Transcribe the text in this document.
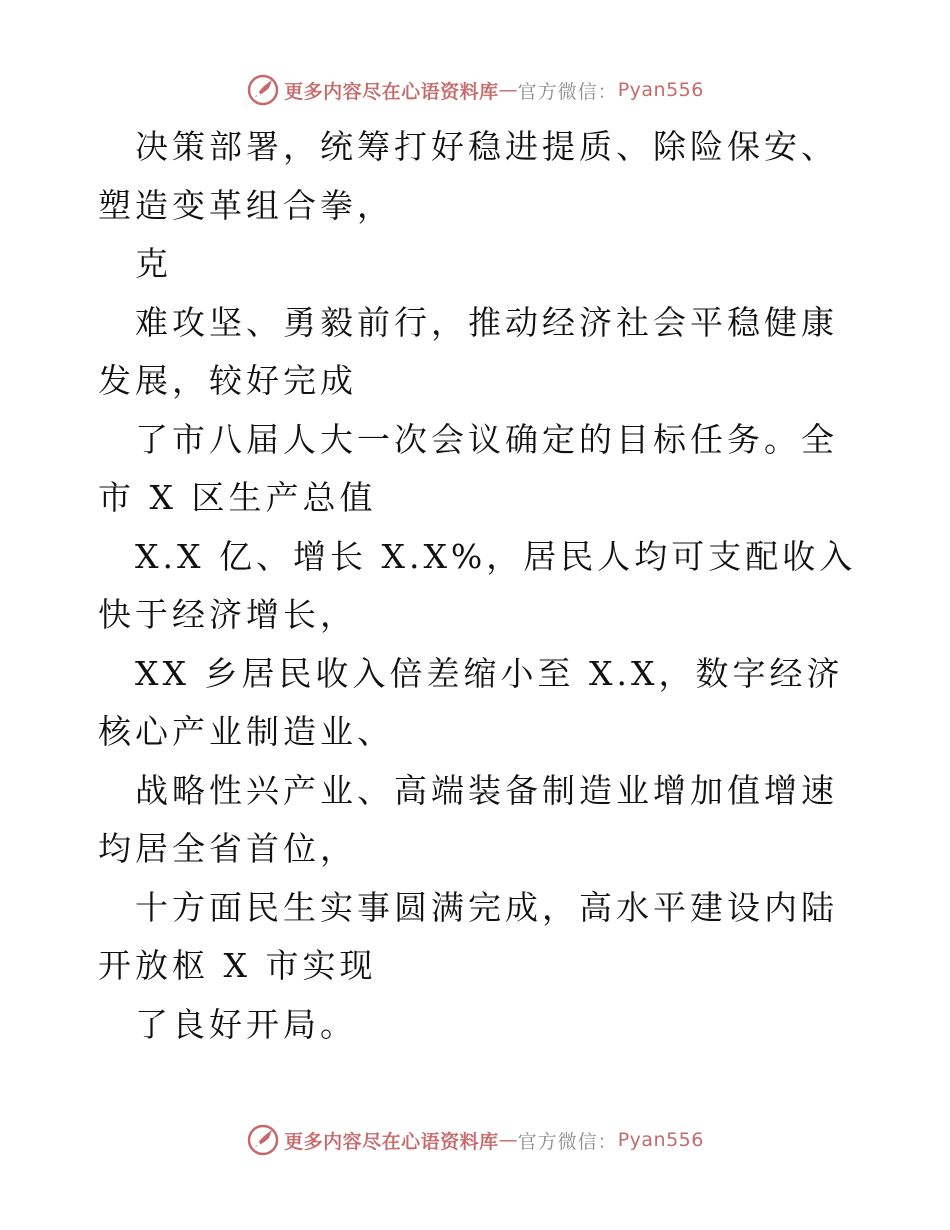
更多内容尽在心语资料库 — 官方微信： Pyan556

决策部署，统筹打好稳进提质、除险保安、塑造变革组合拳，

克

难攻坚、勇毅前行，推动经济社会平稳健康发展，较好完成

了市八届人大一次会议确定的目标任务。全市 X 区生产总值

X.X 亿、增长 X.X%，居民人均可支配收入快于经济增长，

XX 乡居民收入倍差缩小至 X.X，数字经济核心产业制造业、

战略性兴产业、高端装备制造业增加值增速均居全省首位，

十方面民生实事圆满完成，高水平建设内陆开放枢 X 市实现

了良好开局。

更多内容尽在心语资料库 — 官方微信： Pyan556
